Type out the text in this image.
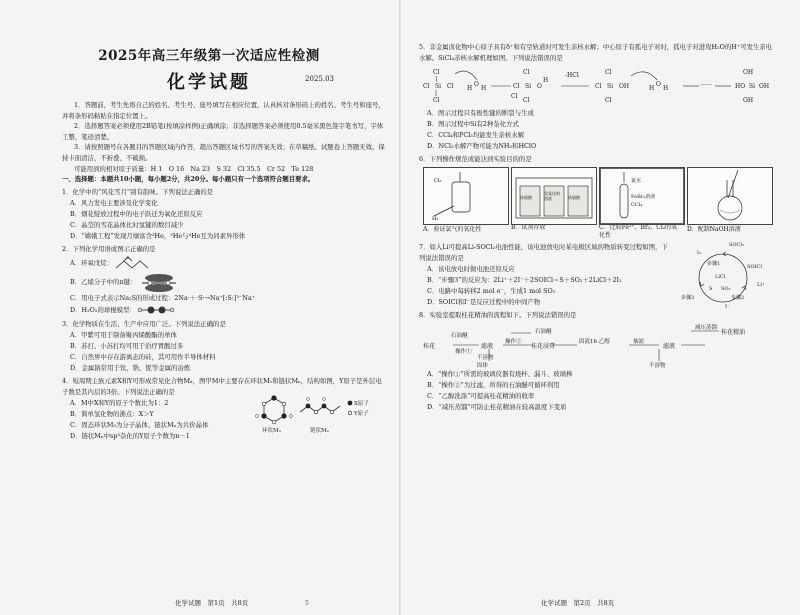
2025年高三年级第一次适应性检测

化学试题	2025.03

1．答题前，考生先将自己的姓名、考生号、座号填写在相应位置，认真核对条形码上的姓名、考生号和座号，并将条形码粘贴在指定位置上。

2．选择题答案必须使用2B铅笔(按填涂样例)正确填涂；非选择题答案必须使用0.5毫米黑色签字笔书写，字体工整、笔迹清楚。

3．请按照题号在各题目的答题区域内作答，超出答题区域书写的答案无效；在草稿纸、试题卷上答题无效。保持卡面清洁，不折叠、不破损。

可能用到的相对原子质量：H 1　O 16　Na 23　S 32　Cl 35.5　Cr 52　Te 128

一、选择题：本题共10小题，每小题2分，共20分。每小题只有一个选项符合题目要求。

1．化学中的“风花雪月”别有韵味。下列说法正确的是

A．风力发电主要涉及化学变化

B．烟花绽放过程中的电子跃迁为氧化还原反应

C．晶莹的雪花晶体比时氢键的数目减少

D．“嫦娥工程”发现月壤富含³He，³He与⁴He互为同素异形体

2．下列化学用语或图示正确的是

A．环氧戊烷：
O
B．乙烯分子中的π键：

C．用电子式表示Na₂S的形成过程：2Na·＋·S·→Na⁺[:S:]²⁻Na⁺

D．H₂O₂的球棍模型：

3．化学物质在生活、生产中应用广泛。下列说法正确的是

A．甲紫可用于制备聚丙烯酸酯的单体

B．苏打、小苏打均可用于治疗胃酸过多

C．自然界中存在游离态的硅，其可用作半导体材料

D．金属钠常用于钛、锆、铌等金属的冶炼

4．短周期主族元素X和Y可形成常见化合物Mₓ，图甲M中主要存在环状M₁和链状Mₙ，结构如图，Y原子是外层电子数是其内层的3倍。下列说法正确的是

A．M中X和Y的原子个数比为1：2

B．简单氢化物的沸点：X＞Y

C．固态环状M₃为分子晶体、链状Mₙ为共价晶体

D．链状Mₙ中sp³杂化的Y原子个数为n－1

X原子
Y原子
环状M₃	链状Mₙ

化学试题　第1页　共8页

5．非金属卤化物中心原子具有δ⁺和有空轨道时可发生亲核水解；中心原子有孤电子对时，孤电子对进攻H₂O的H⁺可发生亲电水解。SiCl₄亲核水解机理如图。下列说法错误的是

Cl
Cl Si Cl
Cl
H
O
H
Cl
Cl Si O
H
Cl
Cl
Cl
Cl Si OH
Cl
H
O
H
OH
HO Si OH
OH
-HCl
……

A．图示过程只有极性键的断裂与生成

B．图示过程中Si有2种杂化方式

C．CCl₄和PCl₃均能发生亲核水解

D．NCl₃水解产物可能为NH₃和HClO

6．下列操作规范或能达到实验目的的是

Cl₂
H₂

A．验证氯气的氧化性

浓硝酸
氢氧化钠溶液	浓硫酸

B．试剂存放

氯水
FeBr₂溶液
CCl₄

C．比较Fe²⁺、Br₂、Cl₂的氧化性

D．配制NaOH溶液

7．如入Li可提高Li-SOCl₂电池性能，该电池放电时某电极区域的物质转变过程如图，下列说法错误的是

A．该电放电时做电池还原反应

B．“步骤3”的反应为：2Li⁺＋2I⁻＋2SOICl＝S＋SO₂＋2LiCl＋2I₂

C．电路中每转移2 mol e⁻，生成1 mol SO₂

D．SOICl和I⁻是反应过程中的中间产物

SOCl₂
I₂
SOICl
LiCl
Li⁺
S SO₂
I⁻
步骤1
步骤2
步骤3

8．实验室提取桂花精油的流程如下。下列说法错误的是

桂花
石油醚
操作①
滤液
操作②
固体
不溶物
石油醚
桂花浸膏
固液1h 乙醇	抽滤
滤液
减压蒸馏
桂花精油
不溶物

A．“操作①”所需的玻璃仪器有烧杯、漏斗、玻璃棒

B．“操作②”为过滤，所得的石油醚可循环利用

C．“乙醇洗涤”可提高桂花精油的收率

D．“减压蒸馏”可防止桂花精油在较高温度下变质

化学试题　第2页　共8页

5
